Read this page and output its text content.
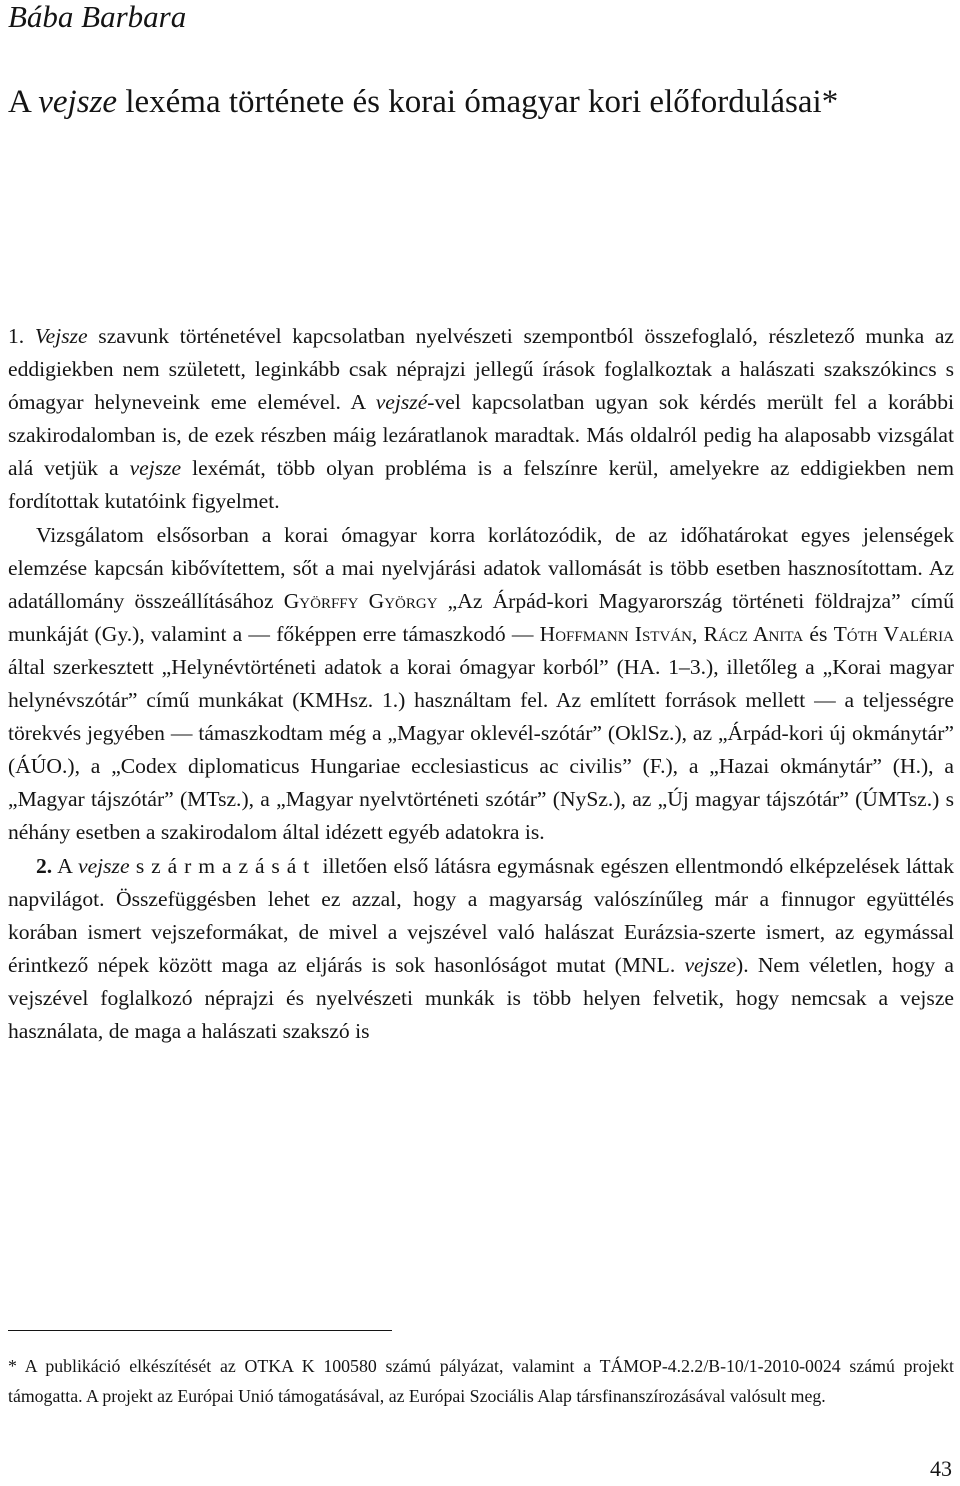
Bába Barbara
A vejsze lexéma története és korai ómagyar kori előfordulásai*

1. Vejsze szavunk történetével kapcsolatban nyelvészeti szempontból összefoglaló, részletező munka az eddigiekben nem született, leginkább csak néprajzi jellegű írások foglalkoztak a halászati szakszókincs s ómagyar helyneveink eme elemével. A vejszé-vel kapcsolatban ugyan sok kérdés merült fel a korábbi szakirodalomban is, de ezek részben máig lezáratlanok maradtak. Más oldalról pedig ha alaposabb vizsgálat alá vetjük a vejsze lexémát, több olyan probléma is a felszínre kerül, amelyekre az eddigiekben nem fordítottak kutatóink figyelmet.

Vizsgálatom elsősorban a korai ómagyar korra korlátozódik, de az időhatárokat egyes jelenségek elemzése kapcsán kibővítettem, sőt a mai nyelvjárási adatok vallomását is több esetben hasznosítottam. Az adatállomány összeállításához Györffy György „Az Árpád-kori Magyarország történeti földrajza” című munkáját (Gy.), valamint a — főképpen erre támaszkodó — Hoffmann István, Rácz Anita és Tóth Valéria által szerkesztett „Helynévtörténeti adatok a korai ómagyar korból” (HA. 1–3.), illetőleg a „Korai magyar helynévszótár” című munkákat (KMHsz. 1.) használtam fel. Az említett források mellett — a teljességre törekvés jegyében — támaszkodtam még a „Magyar oklevél-szótár” (OklSz.), az „Árpád-kori új okmánytár” (ÁÚO.), a „Codex diplomaticus Hungariae ecclesiasticus ac civilis” (F.), a „Hazai okmánytár” (H.), a „Magyar tájszótár” (MTsz.), a „Magyar nyelvtörténeti szótár” (NySz.), az „Új magyar tájszótár” (ÚMTsz.) s néhány esetben a szakirodalom által idézett egyéb adatokra is.

2. A vejsze származását illetően első látásra egymásnak egészen ellentmondó elképzelések láttak napvilágot. Összefüggésben lehet ez azzal, hogy a magyarság valószínűleg már a finnugor együttélés korában ismert vejszeformákat, de mivel a vejszével való halászat Eurázsia-szerte ismert, az egymással érintkező népek között maga az eljárás is sok hasonlóságot mutat (MNL. vejsze). Nem véletlen, hogy a vejszével foglalkozó néprajzi és nyelvészeti munkák is több helyen felvetik, hogy nemcsak a vejsze használata, de maga a halászati szakszó is

* A publikáció elkészítését az OTKA K 100580 számú pályázat, valamint a TÁMOP-4.2.2/B-10/1-2010-0024 számú projekt támogatta. A projekt az Európai Unió támogatásával, az Európai Szociális Alap társfinanszírozásával valósult meg.
43
